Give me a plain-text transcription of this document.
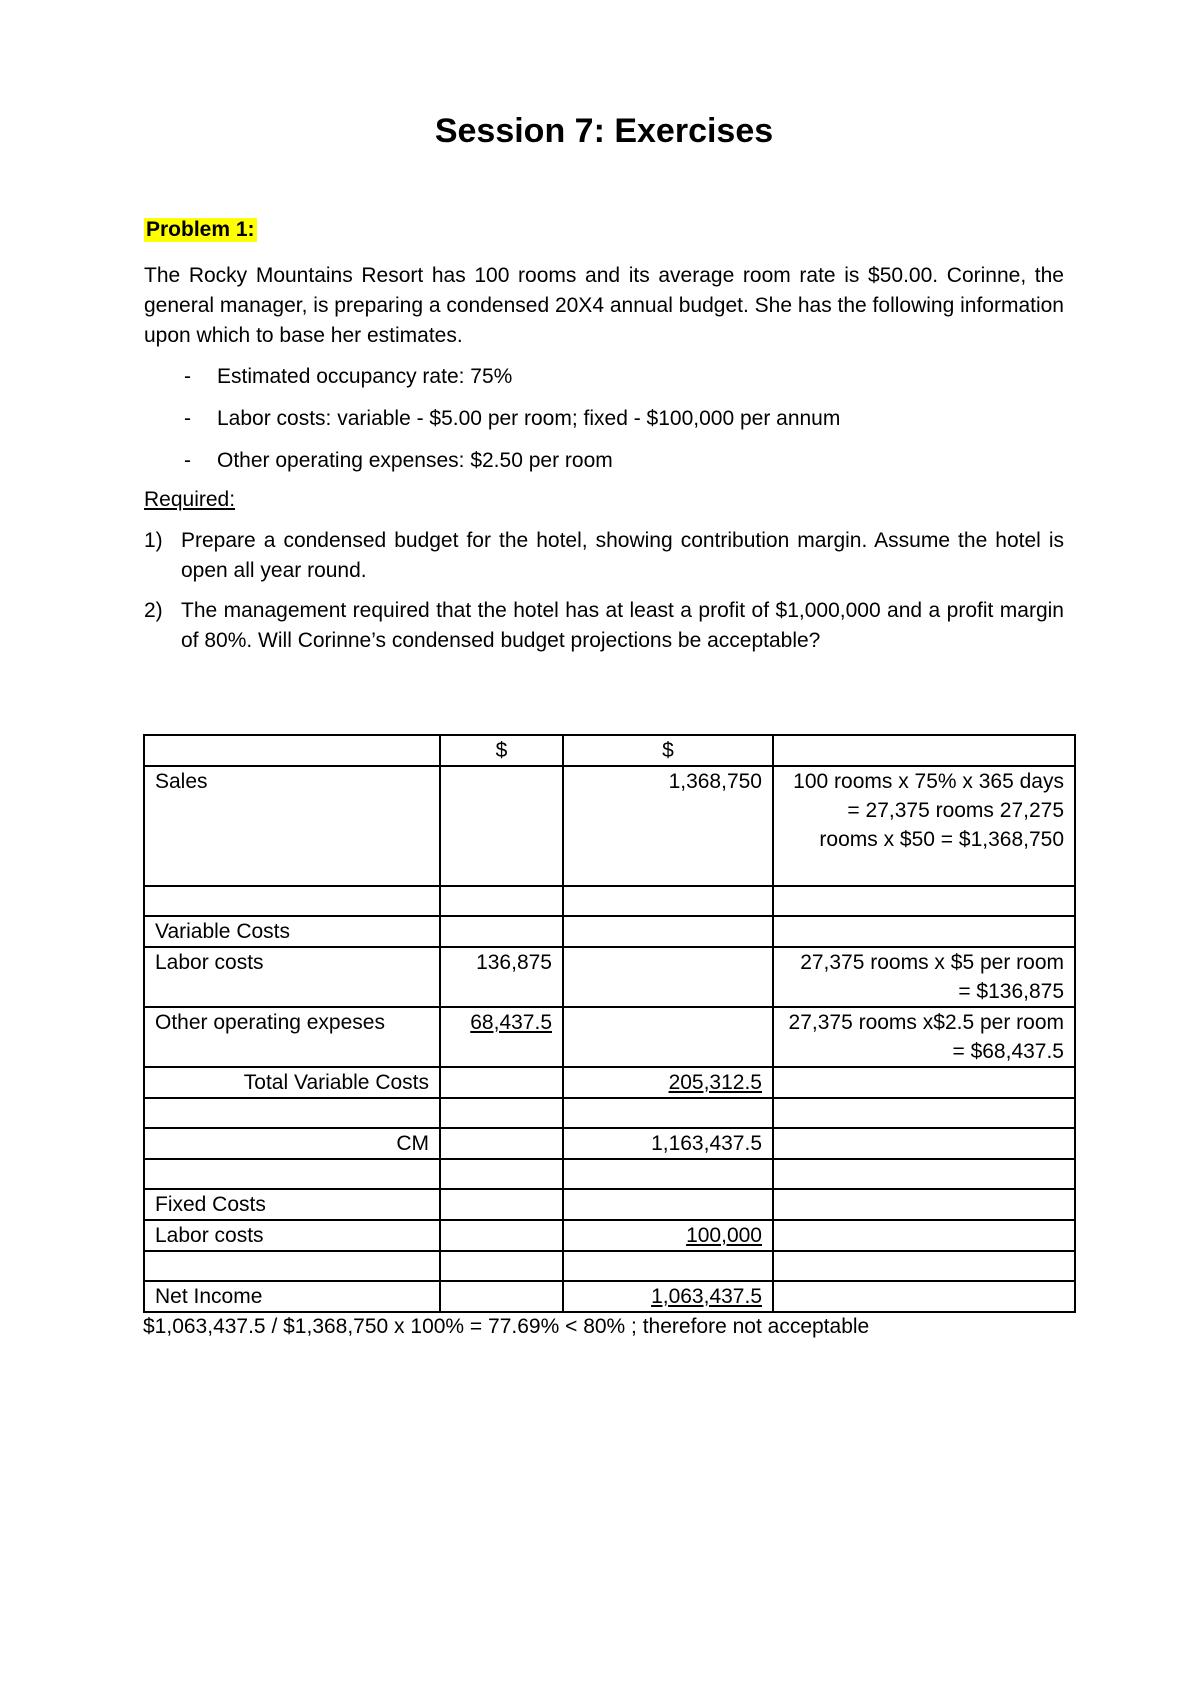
Session 7: Exercises

Problem 1:

The Rocky Mountains Resort has 100 rooms and its average room rate is $50.00. Corinne, the general manager, is preparing a condensed 20X4 annual budget. She has the following information upon which to base her estimates.

- Estimated occupancy rate: 75%
- Labor costs: variable - $5.00 per room; fixed - $100,000 per annum
- Other operating expenses: $2.50 per room

Required:

1) Prepare a condensed budget for the hotel, showing contribution margin. Assume the hotel is open all year round.
2) The management required that the hotel has at least a profit of $1,000,000 and a profit margin of 80%. Will Corinne’s condensed budget projections be acceptable?
	$	$	
Sales		1,368,750	100 rooms x 75% x 365 days = 27,375 rooms 27,275 rooms x $50 = $1,368,750

Variable Costs			
Labor costs	136,875		27,375 rooms x $5 per room = $136,875
Other operating expeses	68,437.5		27,375 rooms x$2.5 per room = $68,437.5
Total Variable Costs		205,312.5	

CM		1,163,437.5	

Fixed Costs			
Labor costs		100,000	

Net Income		1,063,437.5	

$1,063,437.5 / $1,368,750 x 100% = 77.69% < 80% ; therefore not acceptable
